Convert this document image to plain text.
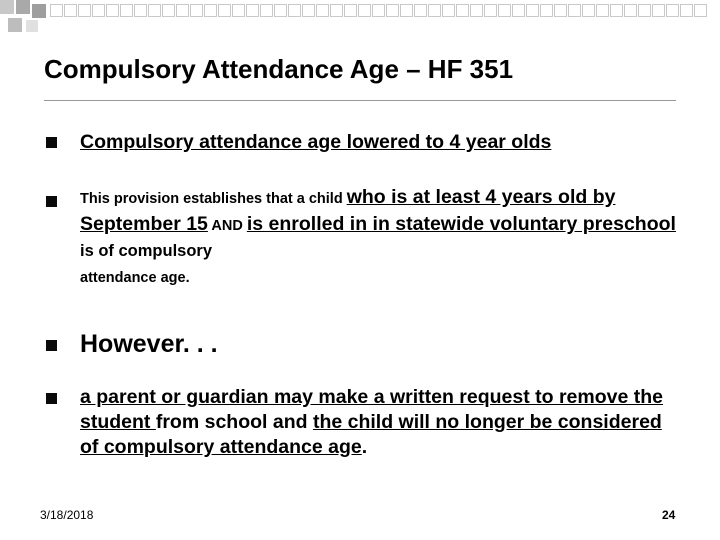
Compulsory Attendance Age – HF 351
Compulsory attendance age lowered to 4 year olds
This provision establishes that a child who is at least 4 years old by September 15 AND is enrolled in in statewide voluntary preschool is of compulsory
attendance age.
However. . .
a parent or guardian may make a written request to remove the student from school and the child will no longer be considered of compulsory attendance age.
3/18/2018	24
